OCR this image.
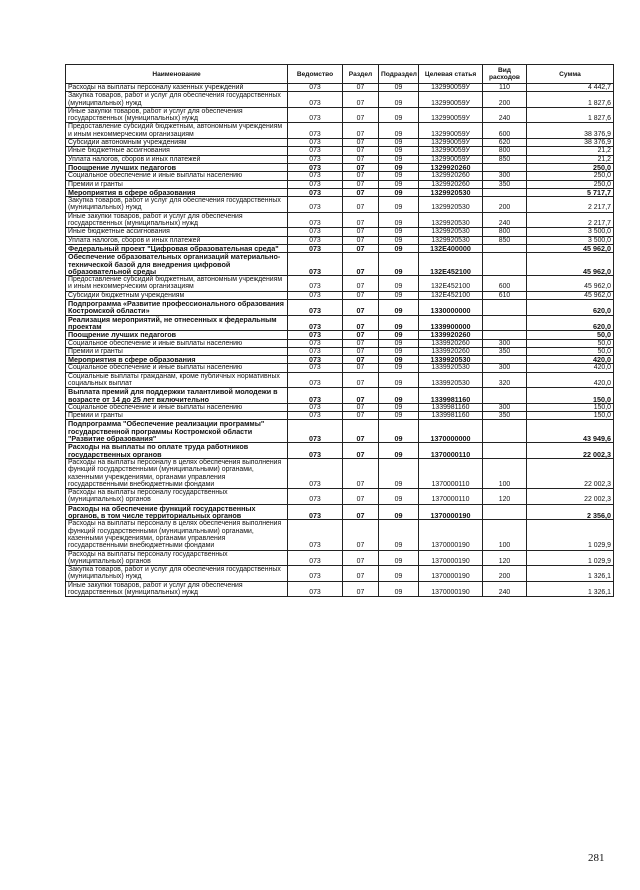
Наименование	Ведомство	Раздел	Подраздел	Целевая статья	Вид расходов	Сумма
Расходы на выплаты персоналу казенных учреждений	073	07	09	132990059У	110	4 442,7
Закупка товаров, работ и услуг для обеспечения государственных (муниципальных) нужд	073	07	09	132990059У	200	1 827,6
Иные закупки товаров, работ и услуг для обеспечения государственных (муниципальных) нужд	073	07	09	132990059У	240	1 827,6
Предоставление субсидий бюджетным, автономным учреждениям и иным некоммерческим организациям	073	07	09	132990059У	600	38 376,9
Субсидии автономным учреждениям	073	07	09	132990059У	620	38 376,9
Иные бюджетные ассигнования	073	07	09	132990059У	800	21,2
Уплата налогов, сборов и иных платежей	073	07	09	132990059У	850	21,2
Поощрение лучших педагогов	073	07	09	1329920260		250,0
Социальное обеспечение и иные выплаты населению	073	07	09	1329920260	300	250,0
Премии и гранты	073	07	09	1329920260	350	250,0
Мероприятия в сфере образования	073	07	09	1329920530		5 717,7
Закупка товаров, работ и услуг для обеспечения государственных (муниципальных) нужд	073	07	09	1329920530	200	2 217,7
Иные закупки товаров, работ и услуг для обеспечения государственных (муниципальных) нужд	073	07	09	1329920530	240	2 217,7
Иные бюджетные ассигнования	073	07	09	1329920530	800	3 500,0
Уплата налогов, сборов и иных платежей	073	07	09	1329920530	850	3 500,0
Федеральный проект "Цифровая образовательная среда"	073	07	09	132E400000		45 962,0
Обеспечение образовательных организаций материально-технической базой для внедрения цифровой образовательной среды	073	07	09	132E452100		45 962,0
Предоставление субсидий бюджетным, автономным учреждениям и иным некоммерческим организациям	073	07	09	132E452100	600	45 962,0
Субсидии бюджетным учреждениям	073	07	09	132E452100	610	45 962,0
Подпрограмма «Развитие профессионального образования Костромской области»	073	07	09	1330000000		620,0
Реализация мероприятий, не отнесенных к федеральным проектам	073	07	09	1339900000		620,0
Поощрение лучших педагогов	073	07	09	1339920260		50,0
Социальное обеспечение и иные выплаты населению	073	07	09	1339920260	300	50,0
Премии и гранты	073	07	09	1339920260	350	50,0
Мероприятия в сфере образования	073	07	09	1339920530		420,0
Социальное обеспечение и иные выплаты населению	073	07	09	1339920530	300	420,0
Социальные выплаты гражданам, кроме публичных нормативных социальных выплат	073	07	09	1339920530	320	420,0
Выплата премий для поддержки талантливой молодежи в возрасте от 14 до 25 лет включительно	073	07	09	1339981160		150,0
Социальное обеспечение и иные выплаты населению	073	07	09	1339981160	300	150,0
Премии и гранты	073	07	09	1339981160	350	150,0
Подпрограмма "Обеспечение реализации программы" государственной программы Костромской области "Развитие образования"	073	07	09	1370000000		43 949,6
Расходы на выплаты по оплате труда работников государственных органов	073	07	09	1370000110		22 002,3
Расходы на выплаты персоналу в целях обеспечения выполнения функций государственными (муниципальными) органами, казенными учреждениями, органами управления государственными внебюджетными фондами	073	07	09	1370000110	100	22 002,3
Расходы на выплаты персоналу государственных (муниципальных) органов	073	07	09	1370000110	120	22 002,3
Расходы на обеспечение функций государственных органов, в том числе территориальных органов	073	07	09	1370000190		2 356,0
Расходы на выплаты персоналу в целях обеспечения выполнения функций государственными (муниципальными) органами, казенными учреждениями, органами управления государственными внебюджетными фондами	073	07	09	1370000190	100	1 029,9
Расходы на выплаты персоналу государственных (муниципальных) органов	073	07	09	1370000190	120	1 029,9
Закупка товаров, работ и услуг для обеспечения государственных (муниципальных) нужд	073	07	09	1370000190	200	1 326,1
Иные закупки товаров, работ и услуг для обеспечения государственных (муниципальных) нужд	073	07	09	1370000190	240	1 326,1
281
